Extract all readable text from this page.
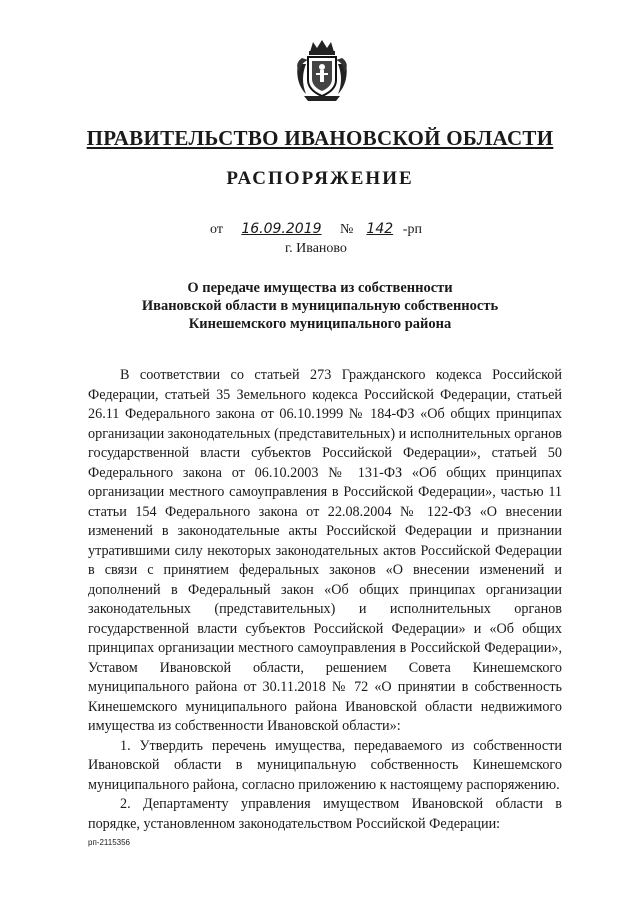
ПРАВИТЕЛЬСТВО ИВАНОВСКОЙ ОБЛАСТИ
РАСПОРЯЖЕНИЕ
от 16.09.2019 № 142 -рп
г. Иваново
О передаче имущества из собственности
Ивановской области в муниципальную собственность
Кинешемского муниципального района

В соответствии со статьей 273 Гражданского кодекса Российской Федерации, статьей 35 Земельного кодекса Российской Федерации, статьей 26.11 Федерального закона от 06.10.1999 № 184-ФЗ «Об общих принципах организации законодательных (представительных) и исполнительных органов государственной власти субъектов Российской Федерации», статьей 50 Федерального закона от 06.10.2003 № 131-ФЗ «Об общих принципах организации местного самоуправления в Российской Федерации», частью 11 статьи 154 Федерального закона от 22.08.2004 № 122-ФЗ «О внесении изменений в законодательные акты Российской Федерации и признании утратившими силу некоторых законодательных актов Российской Федерации в связи с принятием федеральных законов «О внесении изменений и дополнений в Федеральный закон «Об общих принципах организации законодательных (представительных) и исполнительных органов государственной власти субъектов Российской Федерации» и «Об общих принципах организации местного самоуправления в Российской Федерации», Уставом Ивановской области, решением Совета Кинешемского муниципального района от 30.11.2018 № 72 «О принятии в собственность Кинешемского муниципального района Ивановской области недвижимого имущества из собственности Ивановской области»:

1. Утвердить перечень имущества, передаваемого из собственности Ивановской области в муниципальную собственность Кинешемского муниципального района, согласно приложению к настоящему распоряжению.

2. Департаменту управления имуществом Ивановской области в порядке, установленном законодательством Российской Федерации:

рп-2115356
